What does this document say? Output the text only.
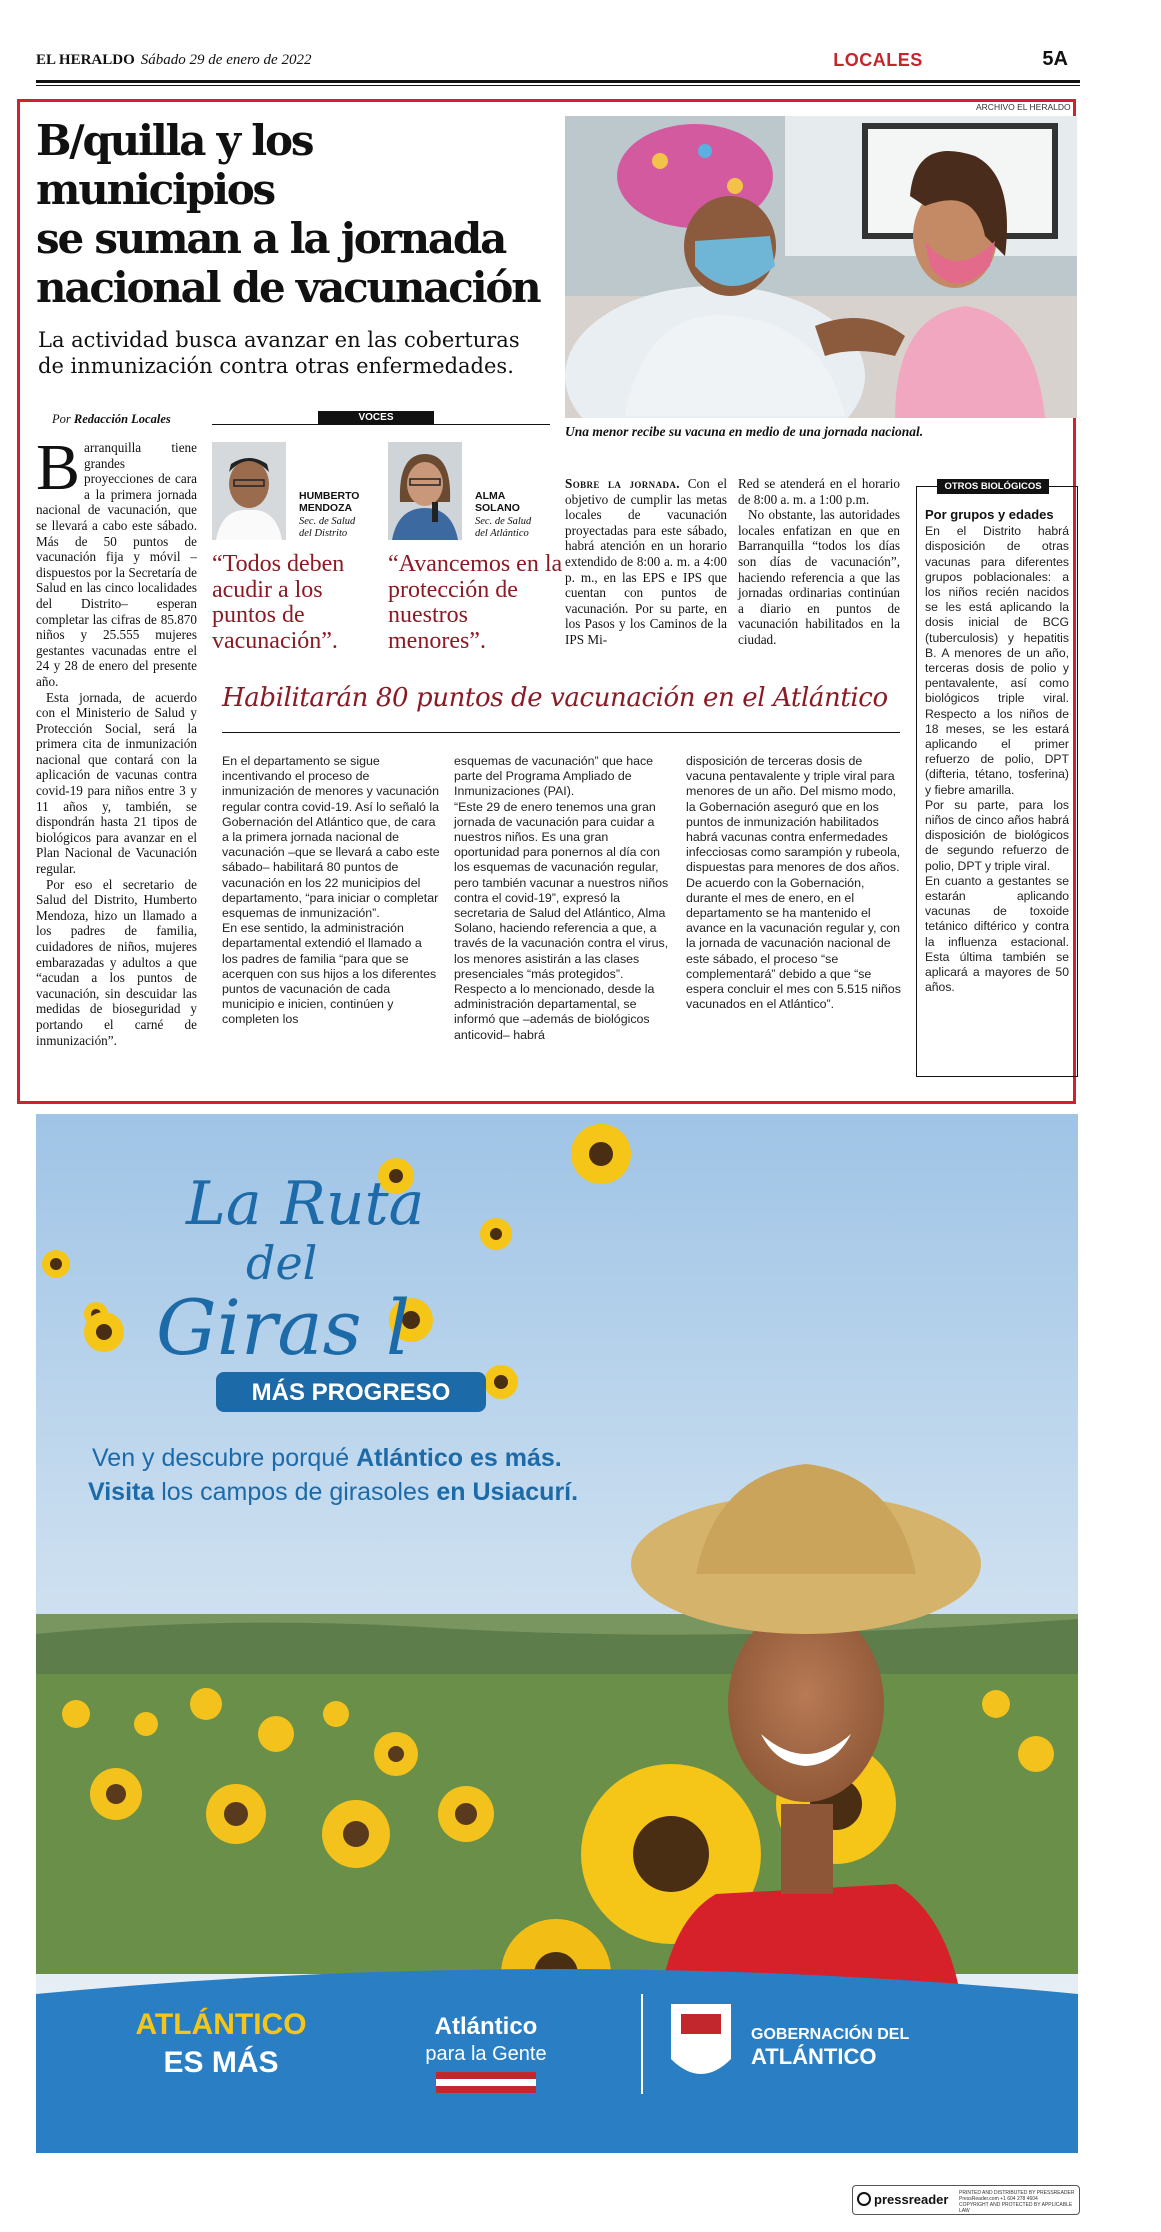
EL HERALDO Sábado 29 de enero de 2022	LOCALES	5A
ARCHIVO EL HERALDO
B/quilla y los municipios
se suman a la jornada
nacional de vacunación
La actividad busca avanzar en las coberturas
de inmunización contra otras enfermedades.
Una menor recibe su vacuna en medio de una jornada nacional.
Por Redacción Locales

Barranquilla tiene grandes proyecciones de cara a la primera jornada nacional de vacunación, que se llevará a cabo este sábado. Más de 50 puntos de vacunación fija y móvil –dispuestos por la Secretaría de Salud en las cinco localidades del Distrito– esperan completar las cifras de 85.870 niños y 25.555 mujeres gestantes vacunadas entre el 24 y 28 de enero del presente año.

Esta jornada, de acuerdo con el Ministerio de Salud y Protección Social, será la primera cita de inmunización nacional que contará con la aplicación de vacunas contra covid-19 para niños entre 3 y 11 años y, también, se dispondrán hasta 21 tipos de biológicos para avanzar en el Plan Nacional de Vacunación regular.

Por eso el secretario de Salud del Distrito, Humberto Mendoza, hizo un llamado a los padres de familia, cuidadores de niños, mujeres embarazadas y adultos a que “acudan a los puntos de vacunación, sin descuidar las medidas de bioseguridad y portando el carné de inmunización”.

VOCES
HUMBERTO
MENDOZA
Sec. de Salud
del Distrito
“Todos deben acudir a los puntos de vacunación”.
ALMA
SOLANO
Sec. de Salud
del Atlántico
“Avancemos en la protección de nuestros menores”.
Sobre la jornada. Con el objetivo de cumplir las metas locales de vacunación proyectadas para este sábado, habrá atención en un horario extendido de 8:00 a. m. a 4:00 p. m., en las EPS e IPS que cuentan con puntos de vacunación. Por su parte, en los Pasos y los Caminos de la IPS Mi-
Red se atenderá en el horario de 8:00 a. m. a 1:00 p.m.
No obstante, las autoridades locales enfatizan en que en Barranquilla “todos los días son días de vacunación”, haciendo referencia a que las jornadas ordinarias continúan a diario en puntos de vacunación habilitados en la ciudad.
OTROS BIOLÓGICOS
Por grupos y edades

En el Distrito habrá disposición de otras vacunas para diferentes grupos poblacionales: a los niños recién nacidos se les está aplicando la dosis inicial de BCG (tuberculosis) y hepatitis B. A menores de un año, terceras dosis de polio y pentavalente, así como biológicos triple viral. Respecto a los niños de 18 meses, se les estará aplicando el primer refuerzo de polio, DPT (difteria, tétano, tosferina) y fiebre amarilla.

Por su parte, para los niños de cinco años habrá disposición de biológicos de segundo refuerzo de polio, DPT y triple viral.

En cuanto a gestantes se estarán aplicando vacunas de toxoide tetánico diftérico y contra la influenza estacional. Esta última también se aplicará a mayores de 50 años.

Habilitarán 80 puntos de vacunación en el Atlántico

En el departamento se sigue incentivando el proceso de inmunización de menores y vacunación regular contra covid-19. Así lo señaló la Gobernación del Atlántico que, de cara a la primera jornada nacional de vacunación –que se llevará a cabo este sábado– habilitará 80 puntos de vacunación en los 22 municipios del departamento, “para iniciar o completar esquemas de inmunización”.

En ese sentido, la administración departamental extendió el llamado a los padres de familia “para que se acerquen con sus hijos a los diferentes puntos de vacunación de cada municipio e inicien, continúen y completen los

esquemas de vacunación” que hace parte del Programa Ampliado de Inmunizaciones (PAI).

“Este 29 de enero tenemos una gran jornada de vacunación para cuidar a nuestros niños. Es una gran oportunidad para ponernos al día con los esquemas de vacunación regular, pero también vacunar a nuestros niños contra el covid-19”, expresó la secretaria de Salud del Atlántico, Alma Solano, haciendo referencia a que, a través de la vacunación contra el virus, los menores asistirán a las clases presenciales “más protegidos”.

Respecto a lo mencionado, desde la administración departamental, se informó que –además de biológicos anticovid– habrá

disposición de terceras dosis de vacuna pentavalente y triple viral para menores de un año. Del mismo modo, la Gobernación aseguró que en los puntos de inmunización habilitados habrá vacunas contra enfermedades infecciosas como sarampión y rubeola, dispuestas para menores de dos años.

De acuerdo con la Gobernación, durante el mes de enero, en el departamento se ha mantenido el avance en la vacunación regular y, con la jornada de vacunación nacional de este sábado, el proceso “se complementará” debido a que “se espera concluir el mes con 5.515 niños vacunados en el Atlántico”.

La Ruta
del
Giras l
MÁS PROGRESO
ATLÁNTICO
ES MÁS
Atlántico
para la Gente
GOBERNACIÓN DEL
ATLÁNTICO
Ven y descubre porqué Atlántico es más.
Visita los campos de girasoles en Usiacurí.
pressreader PRINTED AND DISTRIBUTED BY PRESSREADER
PressReader.com +1 604 278 4604
COPYRIGHT AND PROTECTED BY APPLICABLE LAW
